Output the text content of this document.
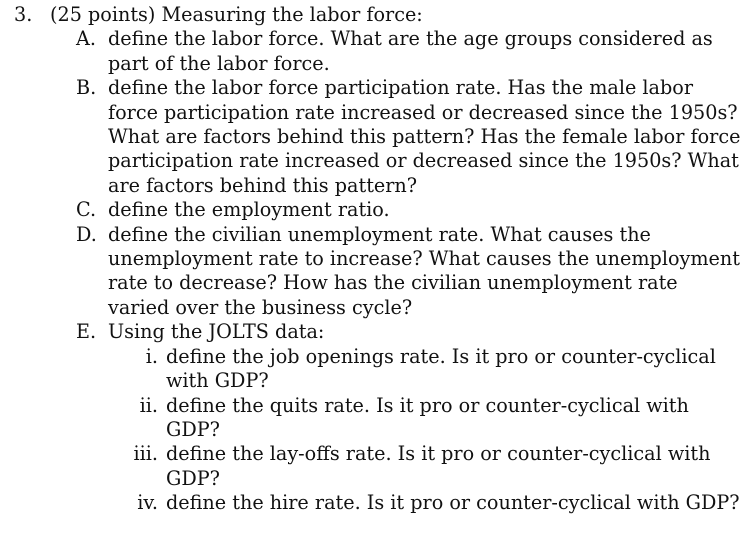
3. (25 points) Measuring the labor force:
A. define the labor force. What are the age groups considered as part of the labor force.
B. define the labor force participation rate. Has the male labor force participation rate increased or decreased since the 1950s? What are factors behind this pattern? Has the female labor force participation rate increased or decreased since the 1950s? What are factors behind this pattern?
C. define the employment ratio.
D. define the civilian unemployment rate. What causes the unemployment rate to increase? What causes the unemployment rate to decrease? How has the civilian unemployment rate varied over the business cycle?
E. Using the JOLTS data:
i. define the job openings rate. Is it pro or counter-cyclical with GDP?
ii. define the quits rate. Is it pro or counter-cyclical with GDP?
iii. define the lay-offs rate. Is it pro or counter-cyclical with GDP?
iv. define the hire rate. Is it pro or counter-cyclical with GDP?
